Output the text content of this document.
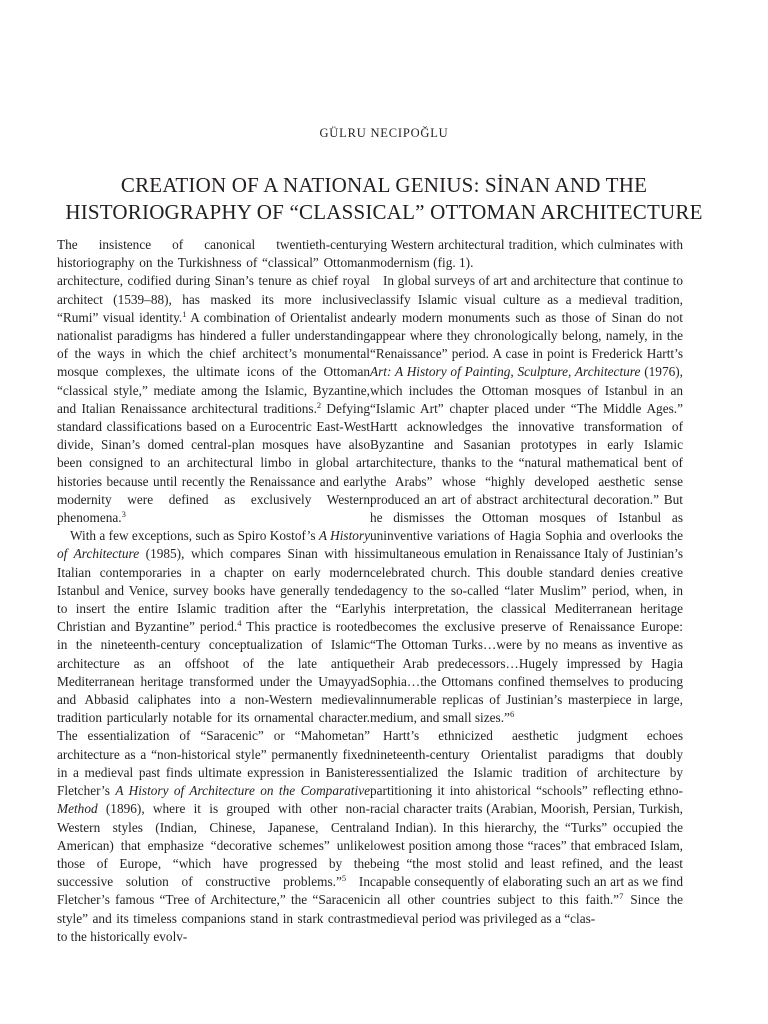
GÜLRU NECIPOĞLU
CREATION OF A NATIONAL GENIUS: SİNAN AND THE
HISTORIOGRAPHY OF “CLASSICAL” OTTOMAN ARCHITECTURE

The insistence of canonical twentieth-century historiography on the Turkishness of “classical” Ottoman architecture, codified during Sinan’s tenure as chief royal architect (1539–88), has masked its more inclusive “Rumi” visual identity.$^1$ A combination of Orientalist and nationalist paradigms has hindered a fuller understanding of the ways in which the chief architect’s monumental mosque complexes, the ultimate icons of the Ottoman “classical style,” mediate among the Islamic, Byzantine, and Italian Renaissance architectural traditions.$^2$ Defying standard classifications based on a Eurocentric East-West divide, Sinan’s domed central-plan mosques have also been consigned to an architectural limbo in global art histories because until recently the Renaissance and early modernity were defined as exclusively Western phenomena.$^3$

With a few exceptions, such as Spiro Kostof’s A History of Architecture (1985), which compares Sinan with his Italian contemporaries in a chapter on early modern Istanbul and Venice, survey books have generally tended to insert the entire Islamic tradition after the “Early Christian and Byzantine” period.$^4$ This practice is rooted in the nineteenth-century conceptualization of Islamic architecture as an offshoot of the late antique Mediterranean heritage transformed under the Umayyad and Abbasid caliphates into a non-Western medieval tradition particularly notable for its ornamental character. The essentialization of “Saracenic” or “Mahometan” architecture as a “non-historical style” permanently fixed in a medieval past finds ultimate expression in Banister Fletcher’s A History of Architecture on the Comparative Method (1896), where it is grouped with other non-Western styles (Indian, Chinese, Japanese, Central American) that emphasize “decorative schemes” unlike those of Europe, “which have progressed by the successive solution of constructive problems.”$^5$ In Fletcher’s famous “Tree of Architecture,” the “Saracenic style” and its timeless companions stand in stark contrast to the historically evolv-

ing Western architectural tradition, which culminates with modernism (fig. 1).

In global surveys of art and architecture that continue to classify Islamic visual culture as a medieval tradition, early modern monuments such as those of Sinan do not appear where they chronologically belong, namely, in the “Renaissance” period. A case in point is Frederick Hartt’s Art: A History of Painting, Sculpture, Architecture (1976), which includes the Ottoman mosques of Istanbul in an “Islamic Art” chapter placed under “The Middle Ages.” Hartt acknowledges the innovative transformation of Byzantine and Sasanian prototypes in early Islamic architecture, thanks to the “natural mathematical bent of the Arabs” whose “highly developed aesthetic sense produced an art of abstract architectural decoration.” But he dismisses the Ottoman mosques of Istanbul as uninventive variations of Hagia Sophia and overlooks the simultaneous emulation in Renaissance Italy of Justinian’s celebrated church. This double standard denies creative agency to the so-called “later Muslim” period, when, in his interpretation, the classical Mediterranean heritage becomes the exclusive preserve of Renaissance Europe: “The Ottoman Turks…were by no means as inventive as their Arab predecessors…Hugely impressed by Hagia Sophia…the Ottomans confined themselves to producing innumerable replicas of Justinian’s masterpiece in large, medium, and small sizes.”$^6$

Hartt’s ethnicized aesthetic judgment echoes nineteenth-century Orientalist paradigms that doubly essentialized the Islamic tradition of architecture by partitioning it into ahistorical “schools” reflecting ethno-racial character traits (Arabian, Moorish, Persian, Turkish, and Indian). In this hierarchy, the “Turks” occupied the lowest position among those “races” that embraced Islam, being “the most stolid and least refined, and the least capable consequently of elaborating such an art as we find in all other countries subject to this faith.”$^7$ Since the medieval period was privileged as a “clas-
